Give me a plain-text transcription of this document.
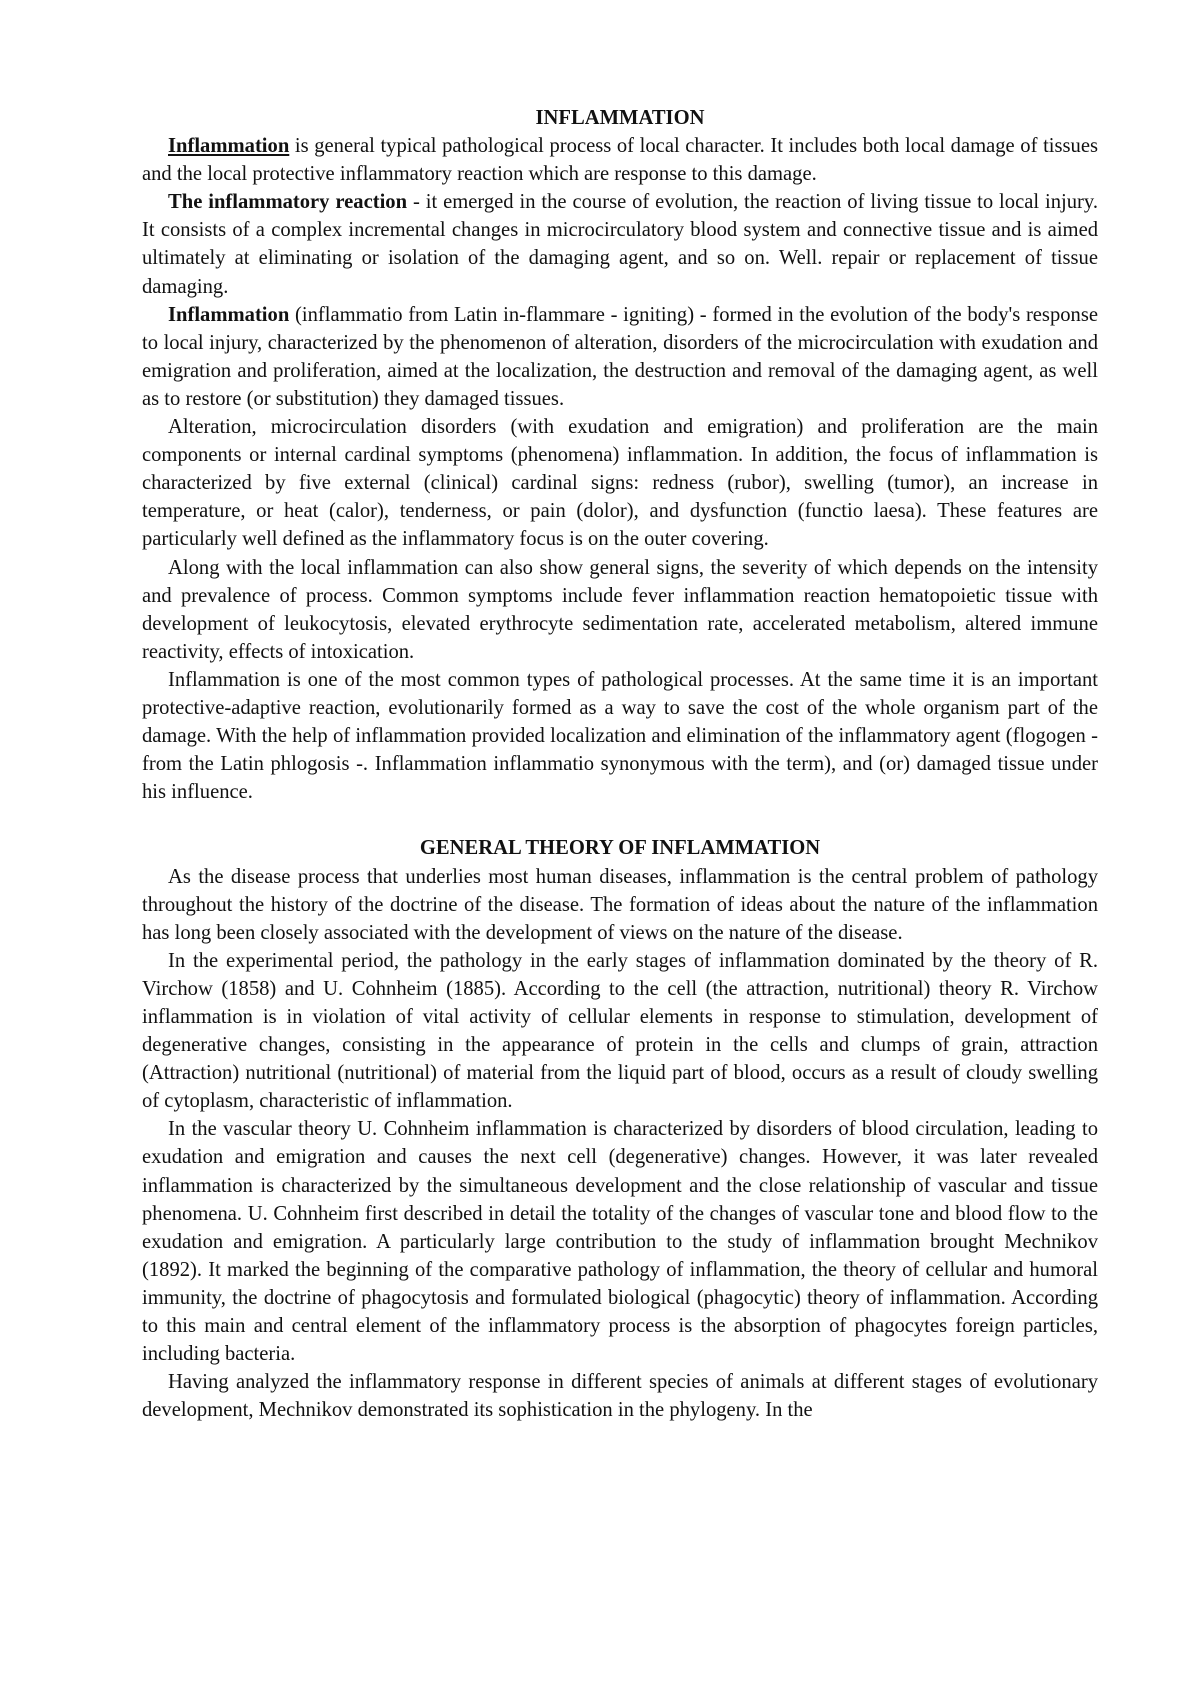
INFLAMMATION

Inflammation is general typical pathological process of local character. It includes both local damage of tissues and the local protective inflammatory reaction which are response to this damage.

The inflammatory reaction - it emerged in the course of evolution, the reaction of living tissue to local injury. It consists of a complex incremental changes in microcirculatory blood system and connective tissue and is aimed ultimately at eliminating or isolation of the damaging agent, and so on. Well. repair or replacement of tissue damaging.

Inflammation (inflammatio from Latin in-flammare - igniting) - formed in the evolution of the body's response to local injury, characterized by the phenomenon of alteration, disorders of the microcirculation with exudation and emigration and proliferation, aimed at the localization, the destruction and removal of the damaging agent, as well as to restore (or substitution) they damaged tissues.

Alteration, microcirculation disorders (with exudation and emigration) and proliferation are the main components or internal cardinal symptoms (phenomena) inflammation. In addition, the focus of inflammation is characterized by five external (clinical) cardinal signs: redness (rubor), swelling (tumor), an increase in temperature, or heat (calor), tenderness, or pain (dolor), and dysfunction (functio laesa). These features are particularly well defined as the inflammatory focus is on the outer covering.

Along with the local inflammation can also show general signs, the severity of which depends on the intensity and prevalence of process. Common symptoms include fever inflammation reaction hematopoietic tissue with development of leukocytosis, elevated erythrocyte sedimentation rate, accelerated metabolism, altered immune reactivity, effects of intoxication.

Inflammation is one of the most common types of pathological processes. At the same time it is an important protective-adaptive reaction, evolutionarily formed as a way to save the cost of the whole organism part of the damage. With the help of inflammation provided localization and elimination of the inflammatory agent (flogogen - from the Latin phlogosis -. Inflammation inflammatio synonymous with the term), and (or) damaged tissue under his influence.

GENERAL THEORY OF INFLAMMATION

As the disease process that underlies most human diseases, inflammation is the central problem of pathology throughout the history of the doctrine of the disease. The formation of ideas about the nature of the inflammation has long been closely associated with the development of views on the nature of the disease.

In the experimental period, the pathology in the early stages of inflammation dominated by the theory of R. Virchow (1858) and U. Cohnheim (1885). According to the cell (the attraction, nutritional) theory R. Virchow inflammation is in violation of vital activity of cellular elements in response to stimulation, development of degenerative changes, consisting in the appearance of protein in the cells and clumps of grain, attraction (Attraction) nutritional (nutritional) of material from the liquid part of blood, occurs as a result of cloudy swelling of cytoplasm, characteristic of inflammation.

In the vascular theory U. Cohnheim inflammation is characterized by disorders of blood circulation, leading to exudation and emigration and causes the next cell (degenerative) changes. However, it was later revealed inflammation is characterized by the simultaneous development and the close relationship of vascular and tissue phenomena. U. Cohnheim first described in detail the totality of the changes of vascular tone and blood flow to the exudation and emigration. A particularly large contribution to the study of inflammation brought Mechnikov (1892). It marked the beginning of the comparative pathology of inflammation, the theory of cellular and humoral immunity, the doctrine of phagocytosis and formulated biological (phagocytic) theory of inflammation. According to this main and central element of the inflammatory process is the absorption of phagocytes foreign particles, including bacteria.

Having analyzed the inflammatory response in different species of animals at different stages of evolutionary development, Mechnikov demonstrated its sophistication in the phylogeny. In the
